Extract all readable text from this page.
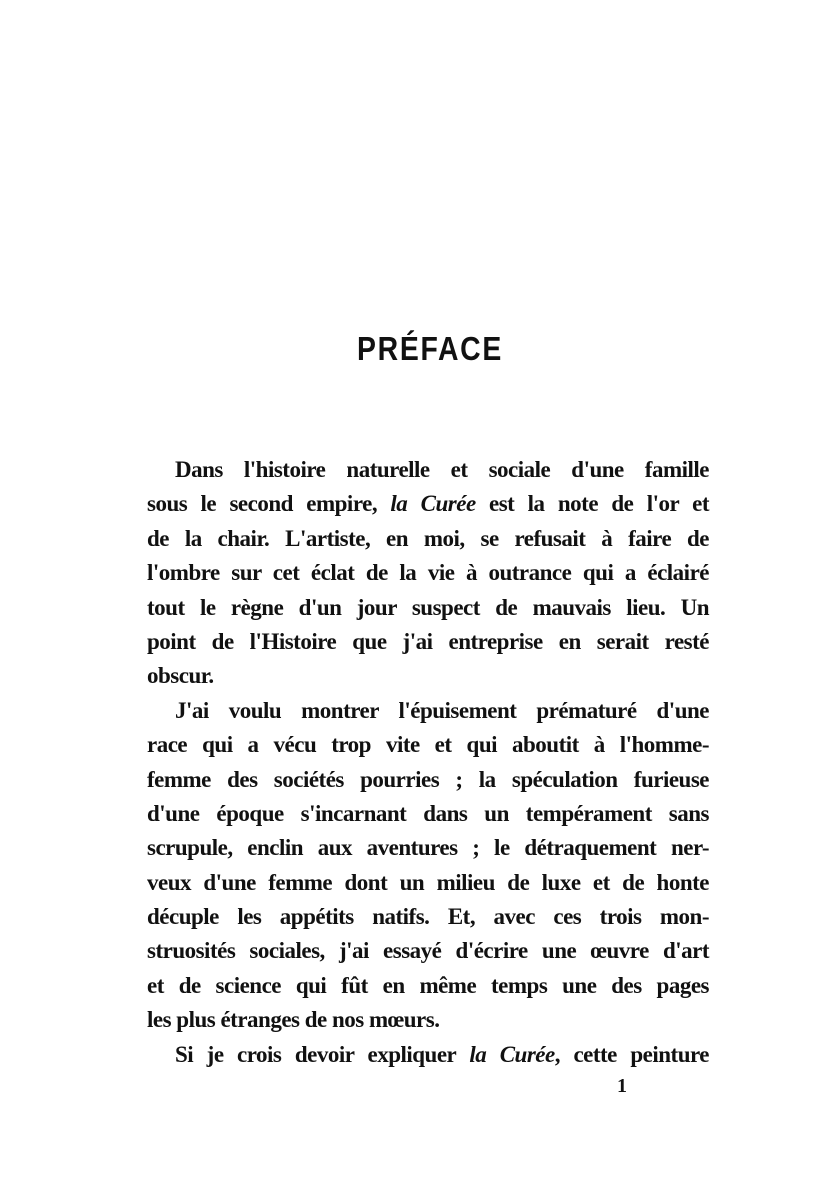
PRÉFACE
Dans l'histoire naturelle et sociale d'une famille
sous le second empire, la Curée est la note de l'or et
de la chair. L'artiste, en moi, se refusait à faire de
l'ombre sur cet éclat de la vie à outrance qui a éclairé
tout le règne d'un jour suspect de mauvais lieu. Un
point de l'Histoire que j'ai entreprise en serait resté
obscur.
J'ai voulu montrer l'épuisement prématuré d'une
race qui a vécu trop vite et qui aboutit à l'homme-
femme des sociétés pourries ; la spéculation furieuse
d'une époque s'incarnant dans un tempérament sans
scrupule, enclin aux aventures ; le détraquement ner-
veux d'une femme dont un milieu de luxe et de honte
décuple les appétits natifs. Et, avec ces trois mon-
struosités sociales, j'ai essayé d'écrire une œuvre d'art
et de science qui fût en même temps une des pages
les plus étranges de nos mœurs.
Si je crois devoir expliquer la Curée, cette peinture
1
